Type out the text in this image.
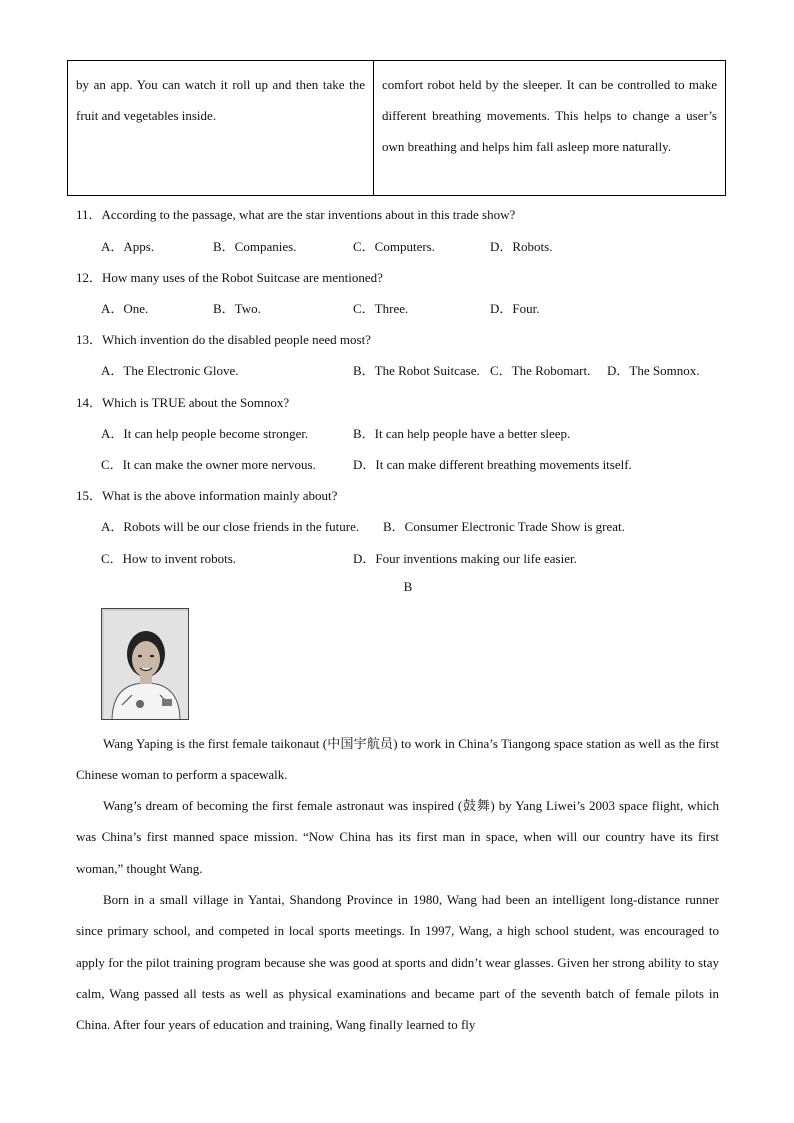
by an app. You can watch it roll up and then take the fruit and vegetables inside.
comfort robot held by the sleeper. It can be controlled to make different breathing movements. This helps to change a user’s own breathing and helps him fall asleep more naturally.
11．According to the passage, what are the star inventions about in this trade show?
A．Apps.	B．Companies.	C．Computers.	D．Robots.
12．How many uses of the Robot Suitcase are mentioned?
A．One.	B．Two.	C．Three.	D．Four.
13．Which invention do the disabled people need most?
A．The Electronic Glove.	B．The Robot Suitcase. C．The Robomart. D．The Somnox.
14．Which is TRUE about the Somnox?
A．It can help people become stronger.	B．It can help people have a better sleep.
C．It can make the owner more nervous.	D．It can make different breathing movements itself.
15．What is the above information mainly about?
A．Robots will be our close friends in the future. B．Consumer Electronic Trade Show is great.
C．How to invent robots.	D．Four inventions making our life easier.
B

Wang Yaping is the first female taikonaut (中国宇航员) to work in China’s Tiangong space station as well as the first Chinese woman to perform a spacewalk.

Wang’s dream of becoming the first female astronaut was inspired (鼓舞) by Yang Liwei’s 2003 space flight, which was China’s first manned space mission. “Now China has its first man in space, when will our country have its first woman,” thought Wang.

Born in a small village in Yantai, Shandong Province in 1980, Wang had been an intelligent long-distance runner since primary school, and competed in local sports meetings. In 1997, Wang, a high school student, was encouraged to apply for the pilot training program because she was good at sports and didn’t wear glasses. Given her strong ability to stay calm, Wang passed all tests as well as physical examinations and became part of the seventh batch of female pilots in China. After four years of education and training, Wang finally learned to fly
